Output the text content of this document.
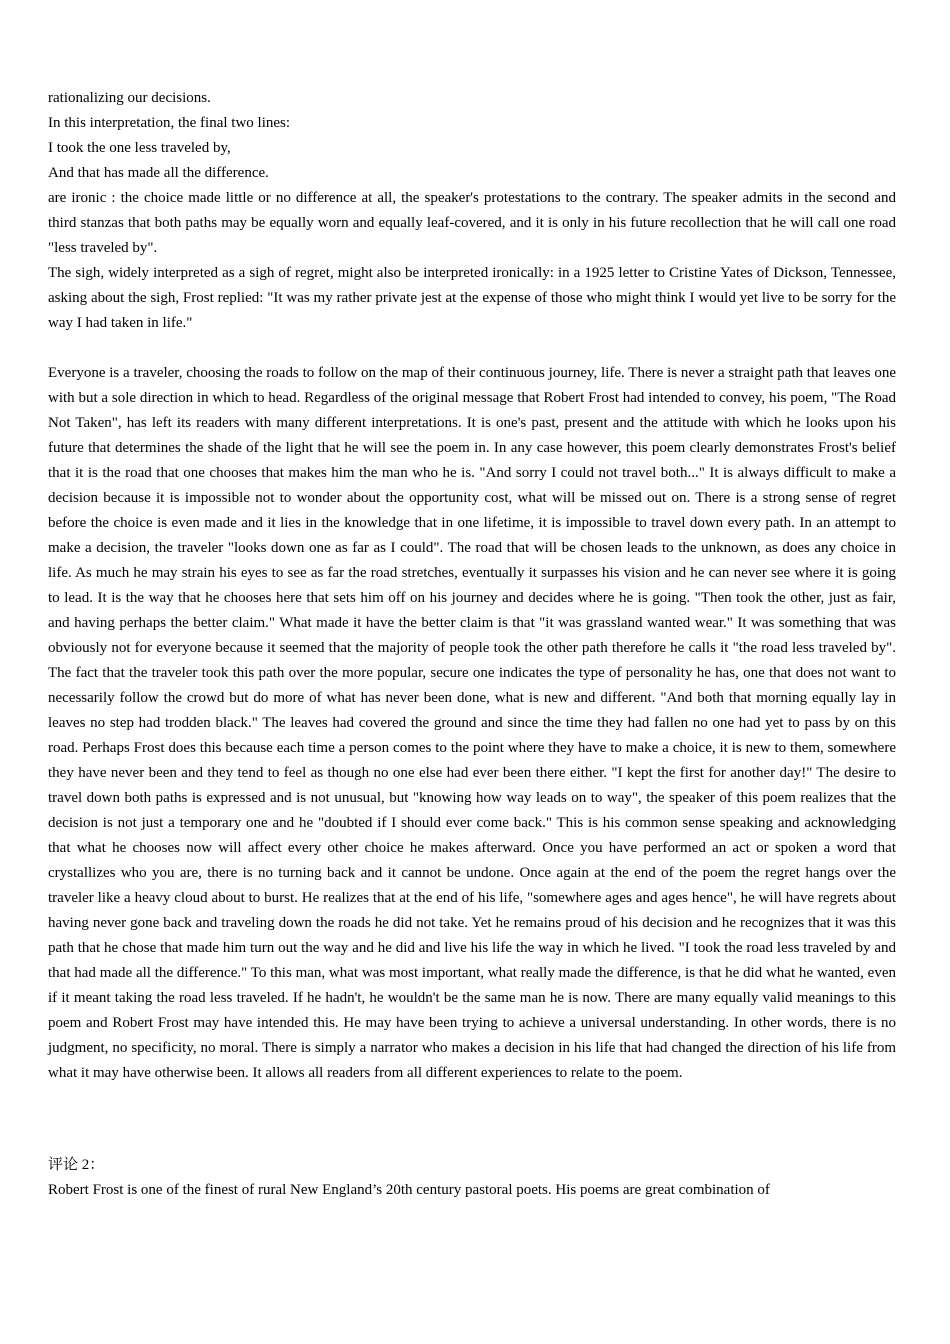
rationalizing our decisions.

In this interpretation, the final two lines:

I took the one less traveled by,

And that has made all the difference.

are ironic : the choice made little or no difference at all, the speaker's protestations to the contrary. The speaker admits in the second and third stanzas that both paths may be equally worn and equally leaf-covered, and it is only in his future recollection that he will call one road "less traveled by".

The sigh, widely interpreted as a sigh of regret, might also be interpreted ironically: in a 1925 letter to Cristine Yates of Dickson, Tennessee, asking about the sigh, Frost replied: "It was my rather private jest at the expense of those who might think I would yet live to be sorry for the way I had taken in life."

Everyone is a traveler, choosing the roads to follow on the map of their continuous journey, life. There is never a straight path that leaves one with but a sole direction in which to head. Regardless of the original message that Robert Frost had intended to convey, his poem, "The Road Not Taken", has left its readers with many different interpretations. It is one's past, present and the attitude with which he looks upon his future that determines the shade of the light that he will see the poem in. In any case however, this poem clearly demonstrates Frost's belief that it is the road that one chooses that makes him the man who he is. "And sorry I could not travel both..." It is always difficult to make a decision because it is impossible not to wonder about the opportunity cost, what will be missed out on. There is a strong sense of regret before the choice is even made and it lies in the knowledge that in one lifetime, it is impossible to travel down every path. In an attempt to make a decision, the traveler "looks down one as far as I could". The road that will be chosen leads to the unknown, as does any choice in life. As much he may strain his eyes to see as far the road stretches, eventually it surpasses his vision and he can never see where it is going to lead. It is the way that he chooses here that sets him off on his journey and decides where he is going. "Then took the other, just as fair, and having perhaps the better claim." What made it have the better claim is that "it was grassland wanted wear." It was something that was obviously not for everyone because it seemed that the majority of people took the other path therefore he calls it "the road less traveled by". The fact that the traveler took this path over the more popular, secure one indicates the type of personality he has, one that does not want to necessarily follow the crowd but do more of what has never been done, what is new and different. "And both that morning equally lay in leaves no step had trodden black." The leaves had covered the ground and since the time they had fallen no one had yet to pass by on this road. Perhaps Frost does this because each time a person comes to the point where they have to make a choice, it is new to them, somewhere they have never been and they tend to feel as though no one else had ever been there either. "I kept the first for another day!" The desire to travel down both paths is expressed and is not unusual, but "knowing how way leads on to way", the speaker of this poem realizes that the decision is not just a temporary one and he "doubted if I should ever come back." This is his common sense speaking and acknowledging that what he chooses now will affect every other choice he makes afterward. Once you have performed an act or spoken a word that crystallizes who you are, there is no turning back and it cannot be undone. Once again at the end of the poem the regret hangs over the traveler like a heavy cloud about to burst. He realizes that at the end of his life, "somewhere ages and ages hence", he will have regrets about having never gone back and traveling down the roads he did not take. Yet he remains proud of his decision and he recognizes that it was this path that he chose that made him turn out the way and he did and live his life the way in which he lived. "I took the road less traveled by and that had made all the difference." To this man, what was most important, what really made the difference, is that he did what he wanted, even if it meant taking the road less traveled. If he hadn't, he wouldn't be the same man he is now. There are many equally valid meanings to this poem and Robert Frost may have intended this. He may have been trying to achieve a universal understanding. In other words, there is no judgment, no specificity, no moral. There is simply a narrator who makes a decision in his life that had changed the direction of his life from what it may have otherwise been. It allows all readers from all different experiences to relate to the poem.

评论 2：

Robert Frost is one of the finest of rural New England’s 20th century pastoral poets. His poems are great combination of
